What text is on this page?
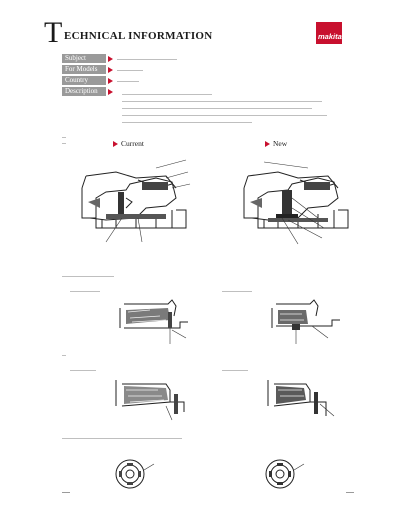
T ECHNICAL INFORMATION	makita
Subject
For Models
Country
Description
Current	New
